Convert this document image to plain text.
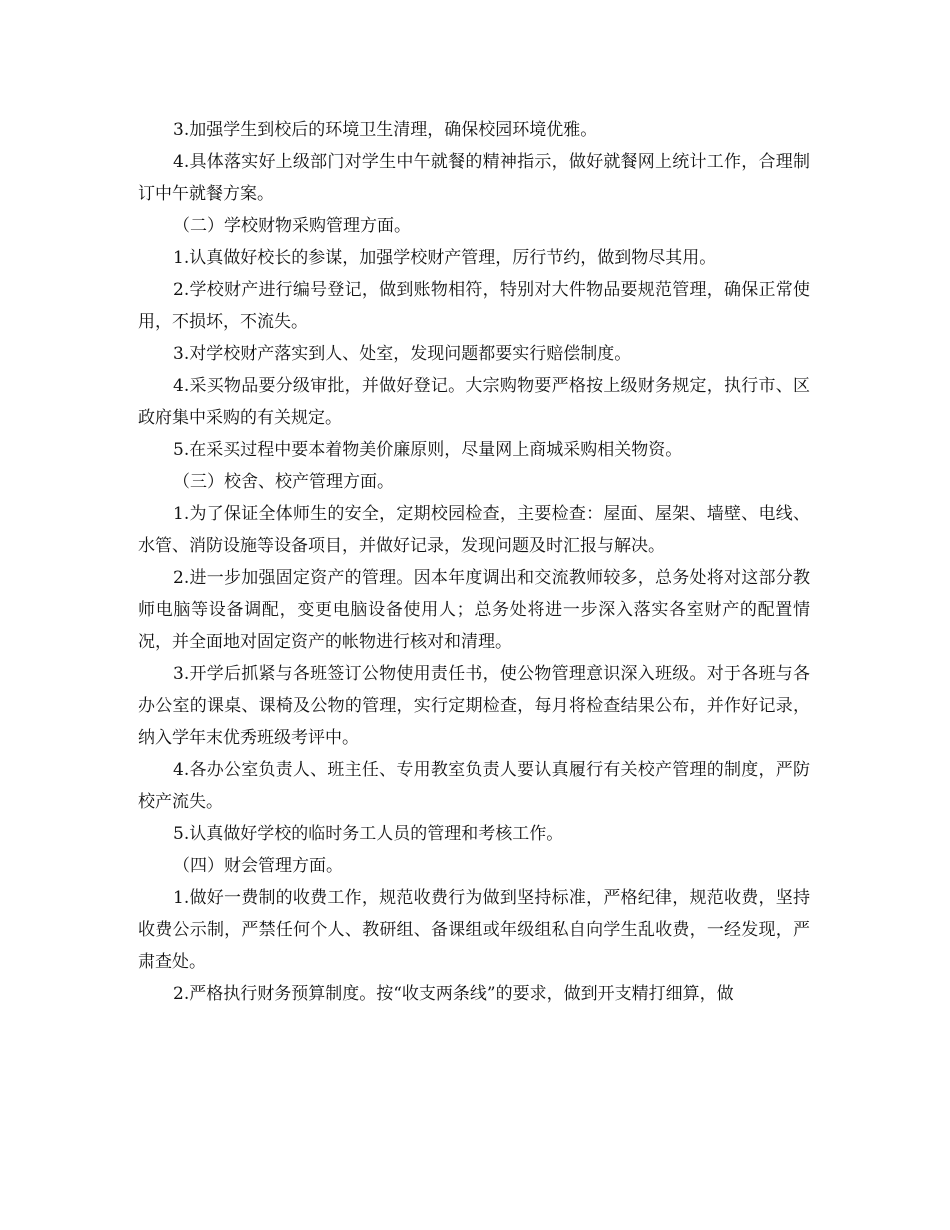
3.加强学生到校后的环境卫生清理，确保校园环境优雅。

4.具体落实好上级部门对学生中午就餐的精神指示，做好就餐网上统计工作，合理制订中午就餐方案。

（二）学校财物采购管理方面。

1.认真做好校长的参谋，加强学校财产管理，厉行节约，做到物尽其用。

2.学校财产进行编号登记，做到账物相符，特别对大件物品要规范管理，确保正常使用，不损坏，不流失。

3.对学校财产落实到人、处室，发现问题都要实行赔偿制度。

4.采买物品要分级审批，并做好登记。大宗购物要严格按上级财务规定，执行市、区政府集中采购的有关规定。

5.在采买过程中要本着物美价廉原则，尽量网上商城采购相关物资。

（三）校舍、校产管理方面。

1.为了保证全体师生的安全，定期校园检查，主要检查：屋面、屋架、墙壁、电线、水管、消防设施等设备项目，并做好记录，发现问题及时汇报与解决。

2.进一步加强固定资产的管理。因本年度调出和交流教师较多，总务处将对这部分教师电脑等设备调配，变更电脑设备使用人；总务处将进一步深入落实各室财产的配置情况，并全面地对固定资产的帐物进行核对和清理。

3.开学后抓紧与各班签订公物使用责任书，使公物管理意识深入班级。对于各班与各办公室的课桌、课椅及公物的管理，实行定期检查，每月将检查结果公布，并作好记录，纳入学年末优秀班级考评中。

4.各办公室负责人、班主任、专用教室负责人要认真履行有关校产管理的制度，严防校产流失。

5.认真做好学校的临时务工人员的管理和考核工作。

（四）财会管理方面。

1.做好一费制的收费工作，规范收费行为做到坚持标准，严格纪律，规范收费，坚持收费公示制，严禁任何个人、教研组、备课组或年级组私自向学生乱收费，一经发现，严肃查处。

2.严格执行财务预算制度。按“收支两条线”的要求，做到开支精打细算，做
